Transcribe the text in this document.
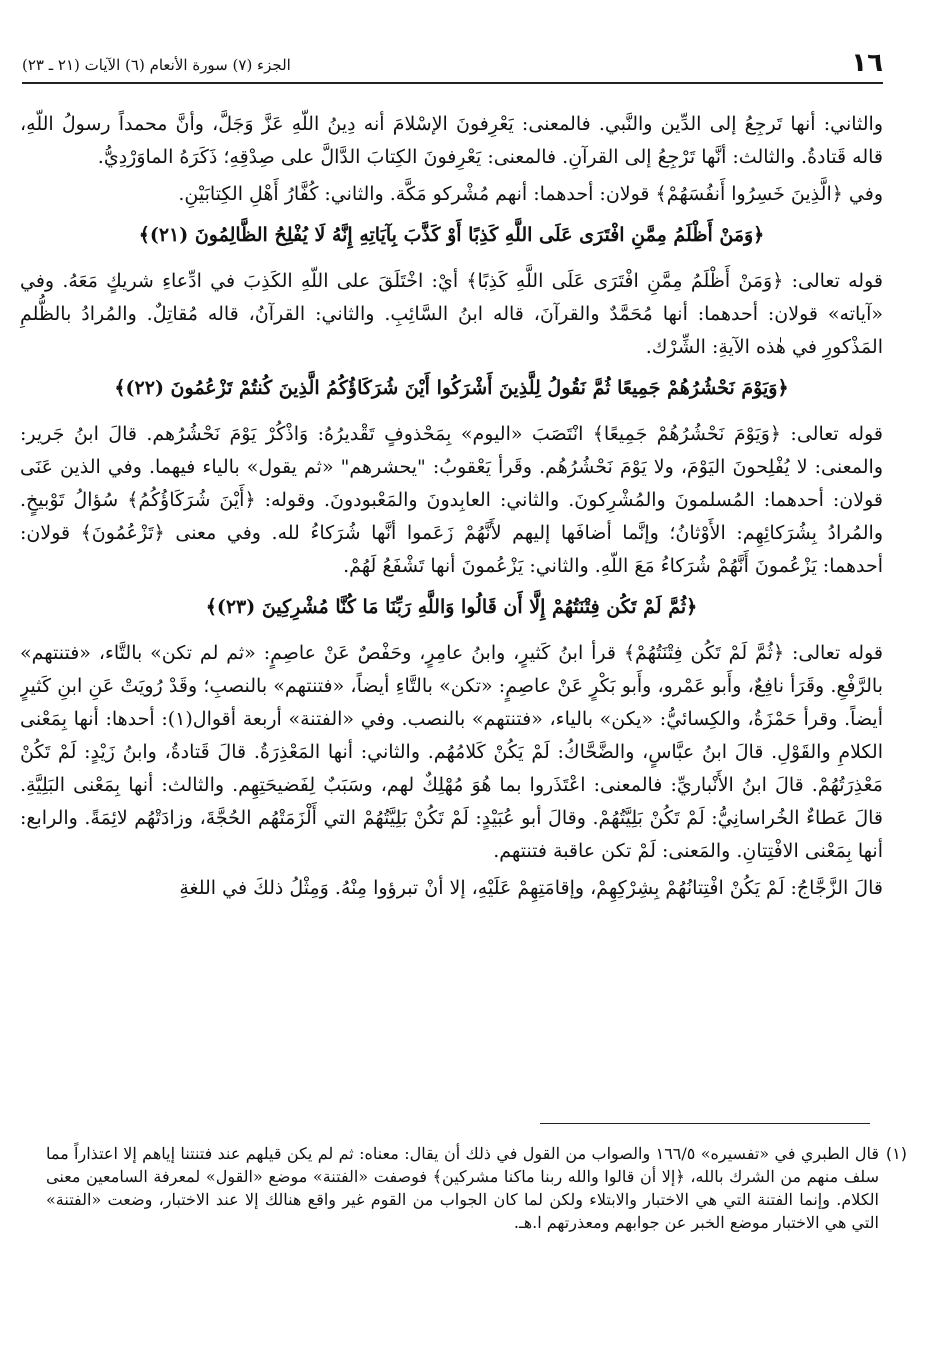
١٦
الجزء (٧) سورة الأنعام (٦) الآيات (٢١ ـ ٢٣)

والثاني: أنها تَرجِعُ إلى الدِّين والنَّبي. فالمعنى: يَعْرِفونَ الإسْلامَ أنه دِينُ اللّهِ عَزَّ وَجَلَّ، وأنَّ محمداً رسولُ اللّهِ، قاله قَتادةُ. والثالث: أنَّها تَرْجِعُ إلى القرآنِ. فالمعنى: يَعْرِفونَ الكِتابَ الدَّالَّ على صِدْقِهِ؛ ذَكَرَهُ الماوَرْدِيُّ.

وفي ﴿الَّذِينَ خَسِرُوا أَنفُسَهُمْ﴾ قولان: أحدهما: أنهم مُشْركو مَكَّة. والثاني: كُفَّارُ أَهْلِ الكِتابَيْنِ.

﴿وَمَنْ أَظْلَمُ مِمَّنِ افْتَرَى عَلَى اللَّهِ كَذِبًا أَوْ كَذَّبَ بِآيَاتِهِ إِنَّهُ لَا يُفْلِحُ الظَّالِمُونَ (٢١)﴾

قوله تعالى: ﴿وَمَنْ أَظْلَمُ مِمَّنِ افْتَرَى عَلَى اللَّهِ كَذِبًا﴾ أيْ: اخْتَلَقَ على اللّهِ الكَذِبَ في ادِّعاءِ شريكٍ مَعَهُ. وفي «آياته» قولان: أحدهما: أنها مُحَمَّدٌ والقرآنَ، قاله ابنُ السَّائِبِ. والثاني: القرآنُ، قاله مُقاتِلٌ. والمُرادُ بالظُّلمِ المَذْكورِ في هٰذه الآيةِ: الشِّرْك.

﴿وَيَوْمَ نَحْشُرُهُمْ جَمِيعًا ثُمَّ نَقُولُ لِلَّذِينَ أَشْرَكُوا أَيْنَ شُرَكَاؤُكُمُ الَّذِينَ كُنتُمْ تَزْعُمُونَ (٢٢)﴾

قوله تعالى: ﴿وَيَوْمَ نَحْشُرُهُمْ جَمِيعًا﴾ انْتَصَبَ «اليوم» بِمَحْذوفٍ تَقْديرُهُ: وَاذْكُرْ يَوْمَ نَحْشُرُهم. قالَ ابنُ جَرير: والمعنى: لا يُفْلِحونَ اليَوْمَ، ولا يَوْمَ نَحْشُرُهُم. وقَرأ يَعْقوبُ: "يحشرهم" «ثم يقول» بالياء فيهما. وفي الذين عَنَى قولان: أحدهما: المُسلمونَ والمُشْرِكونَ. والثاني: العابِدونَ والمَعْبودونَ. وقوله: ﴿أَيْنَ شُرَكَاؤُكُمُ﴾ سُؤالُ تَوْبيخٍ. والمُرادُ بِشُرَكائِهِم: الأَوْثانُ؛ وإنَّما أضافَها إليهم لأَنَّهُمْ زَعَموا أنَّها شُرَكاءُ لله. وفي معنى ﴿تَزْعُمُونَ﴾ قولان: أحدهما: يَزْعُمونَ أَنَّهُمْ شُرَكاءُ مَعَ اللّهِ. والثاني: يَزْعُمونَ أنها تَشْفَعُ لَهُمْ.

﴿ثُمَّ لَمْ تَكُن فِتْنَتُهُمْ إِلَّا أَن قَالُوا وَاللَّهِ رَبِّنَا مَا كُنَّا مُشْرِكِينَ (٢٣)﴾

قوله تعالى: ﴿ثُمَّ لَمْ تَكُن فِتْنَتُهُمْ﴾ قرأ ابنُ كَثيرٍ، وابنُ عامِرٍ، وحَفْصٌ عَنْ عاصِمٍ: «ثم لم تكن» بالتَّاء، «فتنتهم» بالرَّفْعِ. وقَرَأ نافِعٌ، وأَبو عَمْرو، وأَبو بَكْرٍ عَنْ عاصِمٍ: «تكن» بالتَّاءِ أيضاً، «فتنتهم» بالنصبِ؛ وقَدْ رُويَتْ عَنِ ابنِ كَثيرٍ أيضاً. وقرأ حَمْزَةُ، والكِسائيُّ: «يكن» بالياء، «فتنتهم» بالنصب. وفي «الفتنة» أربعة أقوال(١): أحدها: أنها بِمَعْنى الكلامِ والقَوْلِ. قالَ ابنُ عبَّاسٍ، والضَّحَّاكُ: لَمْ يَكُنْ كَلامُهُم. والثاني: أنها المَعْذِرَةُ. قالَ قَتادةُ، وابنُ زَيْدٍ: لَمْ تَكُنْ مَعْذِرَتُهُمْ. قالَ ابنُ الأَنْباريِّ: فالمعنى: اعْتَذَروا بما هُوَ مُهْلِكٌ لهم، وسَبَبٌ لِفَضيحَتِهِم. والثالث: أنها بِمَعْنى البَلِيَّةِ. قالَ عَطاءٌ الخُراسانِيُّ: لَمْ تَكُنْ بَلِيَّتُهُمْ. وقالَ أبو عُبَيْدٍ: لَمْ تَكُنْ بَلِيَّتُهُمْ التي أَلْزَمَتْهُم الحُجَّةَ، وزادَتْهُم لائِمَةً. والرابع: أنها بِمَعْنى الافْتِتانِ. والمَعنى: لَمْ تكن عاقبة فتنتهم.

قالَ الزَّجَّاجُ: لَمْ يَكُنْ افْتِتانُهُمْ بِشِرْكِهِمْ، وإقامَتِهِمْ عَلَيْهِ، إلا أنْ تبرؤوا مِنْهُ. وَمِثْلُ ذلكَ في اللغةِ

(١)
قال الطبري في «تفسيره» ١٦٦/٥ والصواب من القول في ذلك أن يقال: معناه: ثم لم يكن قيلهم عند فتنتنا إياهم إلا اعتذاراً مما سلف منهم من الشرك بالله، ﴿إلا أن قالوا والله ربنا ماكنا مشركين﴾ فوصفت «الفتنة» موضع «القول» لمعرفة السامعين معنى الكلام. وإنما الفتنة التي هي الاختبار والابتلاء ولكن لما كان الجواب من القوم غير واقع هنالك إلا عند الاختبار، وضعت «الفتنة» التي هي الاختبار موضع الخبر عن جوابهم ومعذرتهم ا.هـ.
